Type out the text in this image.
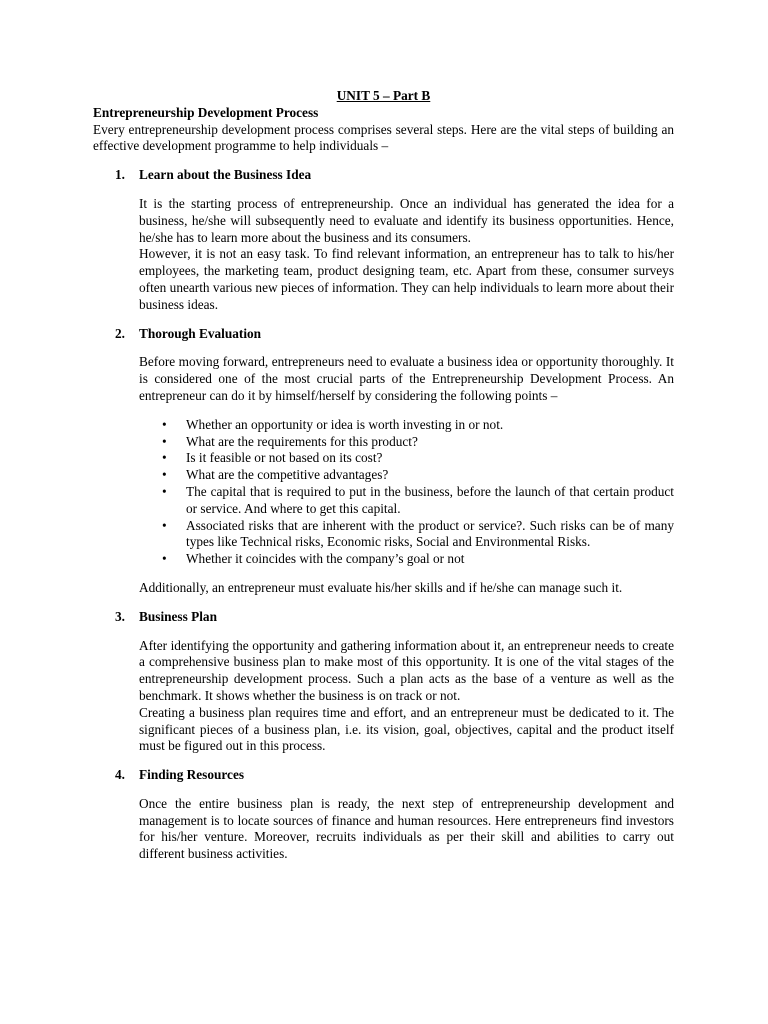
UNIT 5 – Part B

Entrepreneurship Development Process

Every entrepreneurship development process comprises several steps. Here are the vital steps of building an effective development programme to help individuals –

1. Learn about the Business Idea

It is the starting process of entrepreneurship. Once an individual has generated the idea for a business, he/she will subsequently need to evaluate and identify its business opportunities. Hence, he/she has to learn more about the business and its consumers.

However, it is not an easy task. To find relevant information, an entrepreneur has to talk to his/her employees, the marketing team, product designing team, etc. Apart from these, consumer surveys often unearth various new pieces of information. They can help individuals to learn more about their business ideas.

2. Thorough Evaluation

Before moving forward, entrepreneurs need to evaluate a business idea or opportunity thoroughly. It is considered one of the most crucial parts of the Entrepreneurship Development Process. An entrepreneur can do it by himself/herself by considering the following points –

• Whether an opportunity or idea is worth investing in or not.
• What are the requirements for this product?
• Is it feasible or not based on its cost?
• What are the competitive advantages?
• The capital that is required to put in the business, before the launch of that certain product or service. And where to get this capital.
• Associated risks that are inherent with the product or service?. Such risks can be of many types like Technical risks, Economic risks, Social and Environmental Risks.
• Whether it coincides with the company’s goal or not

Additionally, an entrepreneur must evaluate his/her skills and if he/she can manage such it.

3. Business Plan

After identifying the opportunity and gathering information about it, an entrepreneur needs to create a comprehensive business plan to make most of this opportunity. It is one of the vital stages of the entrepreneurship development process. Such a plan acts as the base of a venture as well as the benchmark. It shows whether the business is on track or not.

Creating a business plan requires time and effort, and an entrepreneur must be dedicated to it. The significant pieces of a business plan, i.e. its vision, goal, objectives, capital and the product itself must be figured out in this process.

4. Finding Resources

Once the entire business plan is ready, the next step of entrepreneurship development and management is to locate sources of finance and human resources. Here entrepreneurs find investors for his/her venture. Moreover, recruits individuals as per their skill and abilities to carry out different business activities.
